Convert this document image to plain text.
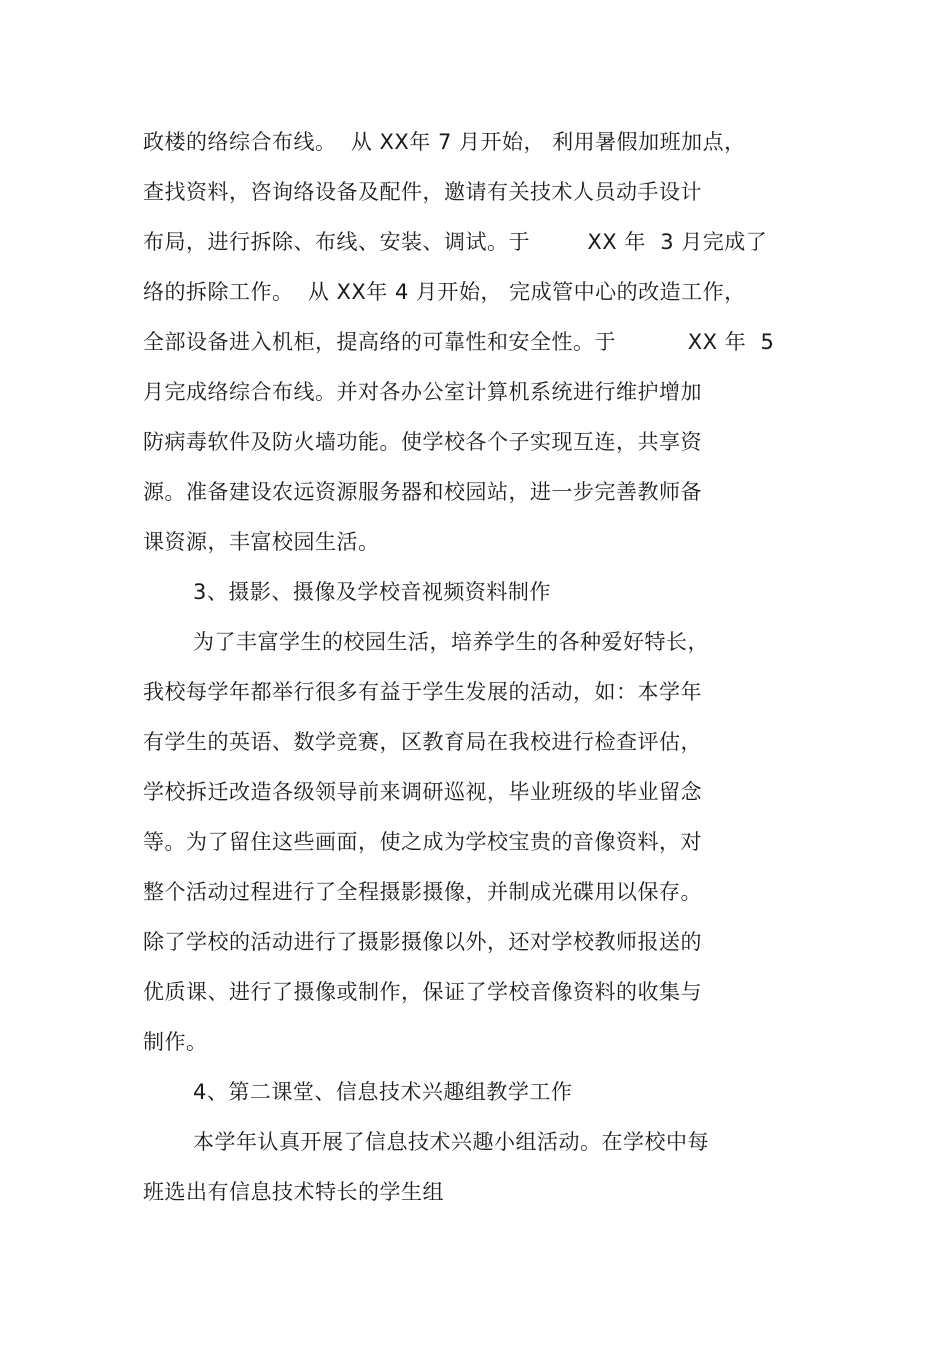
政楼的络综合布线。  从 XX年 7 月开始， 利用暑假加班加点，
查找资料，咨询络设备及配件，邀请有关技术人员动手设计
布局，进行拆除、布线、安装、调试。于        XX 年  3 月完成了
络的拆除工作。  从 XX年 4 月开始， 完成管中心的改造工作，
全部设备进入机柜，提高络的可靠性和安全性。于          XX 年  5
月完成络综合布线。并对各办公室计算机系统进行维护增加
防病毒软件及防火墙功能。使学校各个子实现互连，共享资
源。准备建设农远资源服务器和校园站，进一步完善教师备
课资源，丰富校园生活。
3、摄影、摄像及学校音视频资料制作
为了丰富学生的校园生活，培养学生的各种爱好特长，
我校每学年都举行很多有益于学生发展的活动，如：本学年
有学生的英语、数学竞赛，区教育局在我校进行检查评估，
学校拆迁改造各级领导前来调研巡视，毕业班级的毕业留念
等。为了留住这些画面，使之成为学校宝贵的音像资料，对
整个活动过程进行了全程摄影摄像，并制成光碟用以保存。
除了学校的活动进行了摄影摄像以外，还对学校教师报送的
优质课、进行了摄像或制作，保证了学校音像资料的收集与
制作。
4、第二课堂、信息技术兴趣组教学工作
本学年认真开展了信息技术兴趣小组活动。在学校中每
班选出有信息技术特长的学生组
